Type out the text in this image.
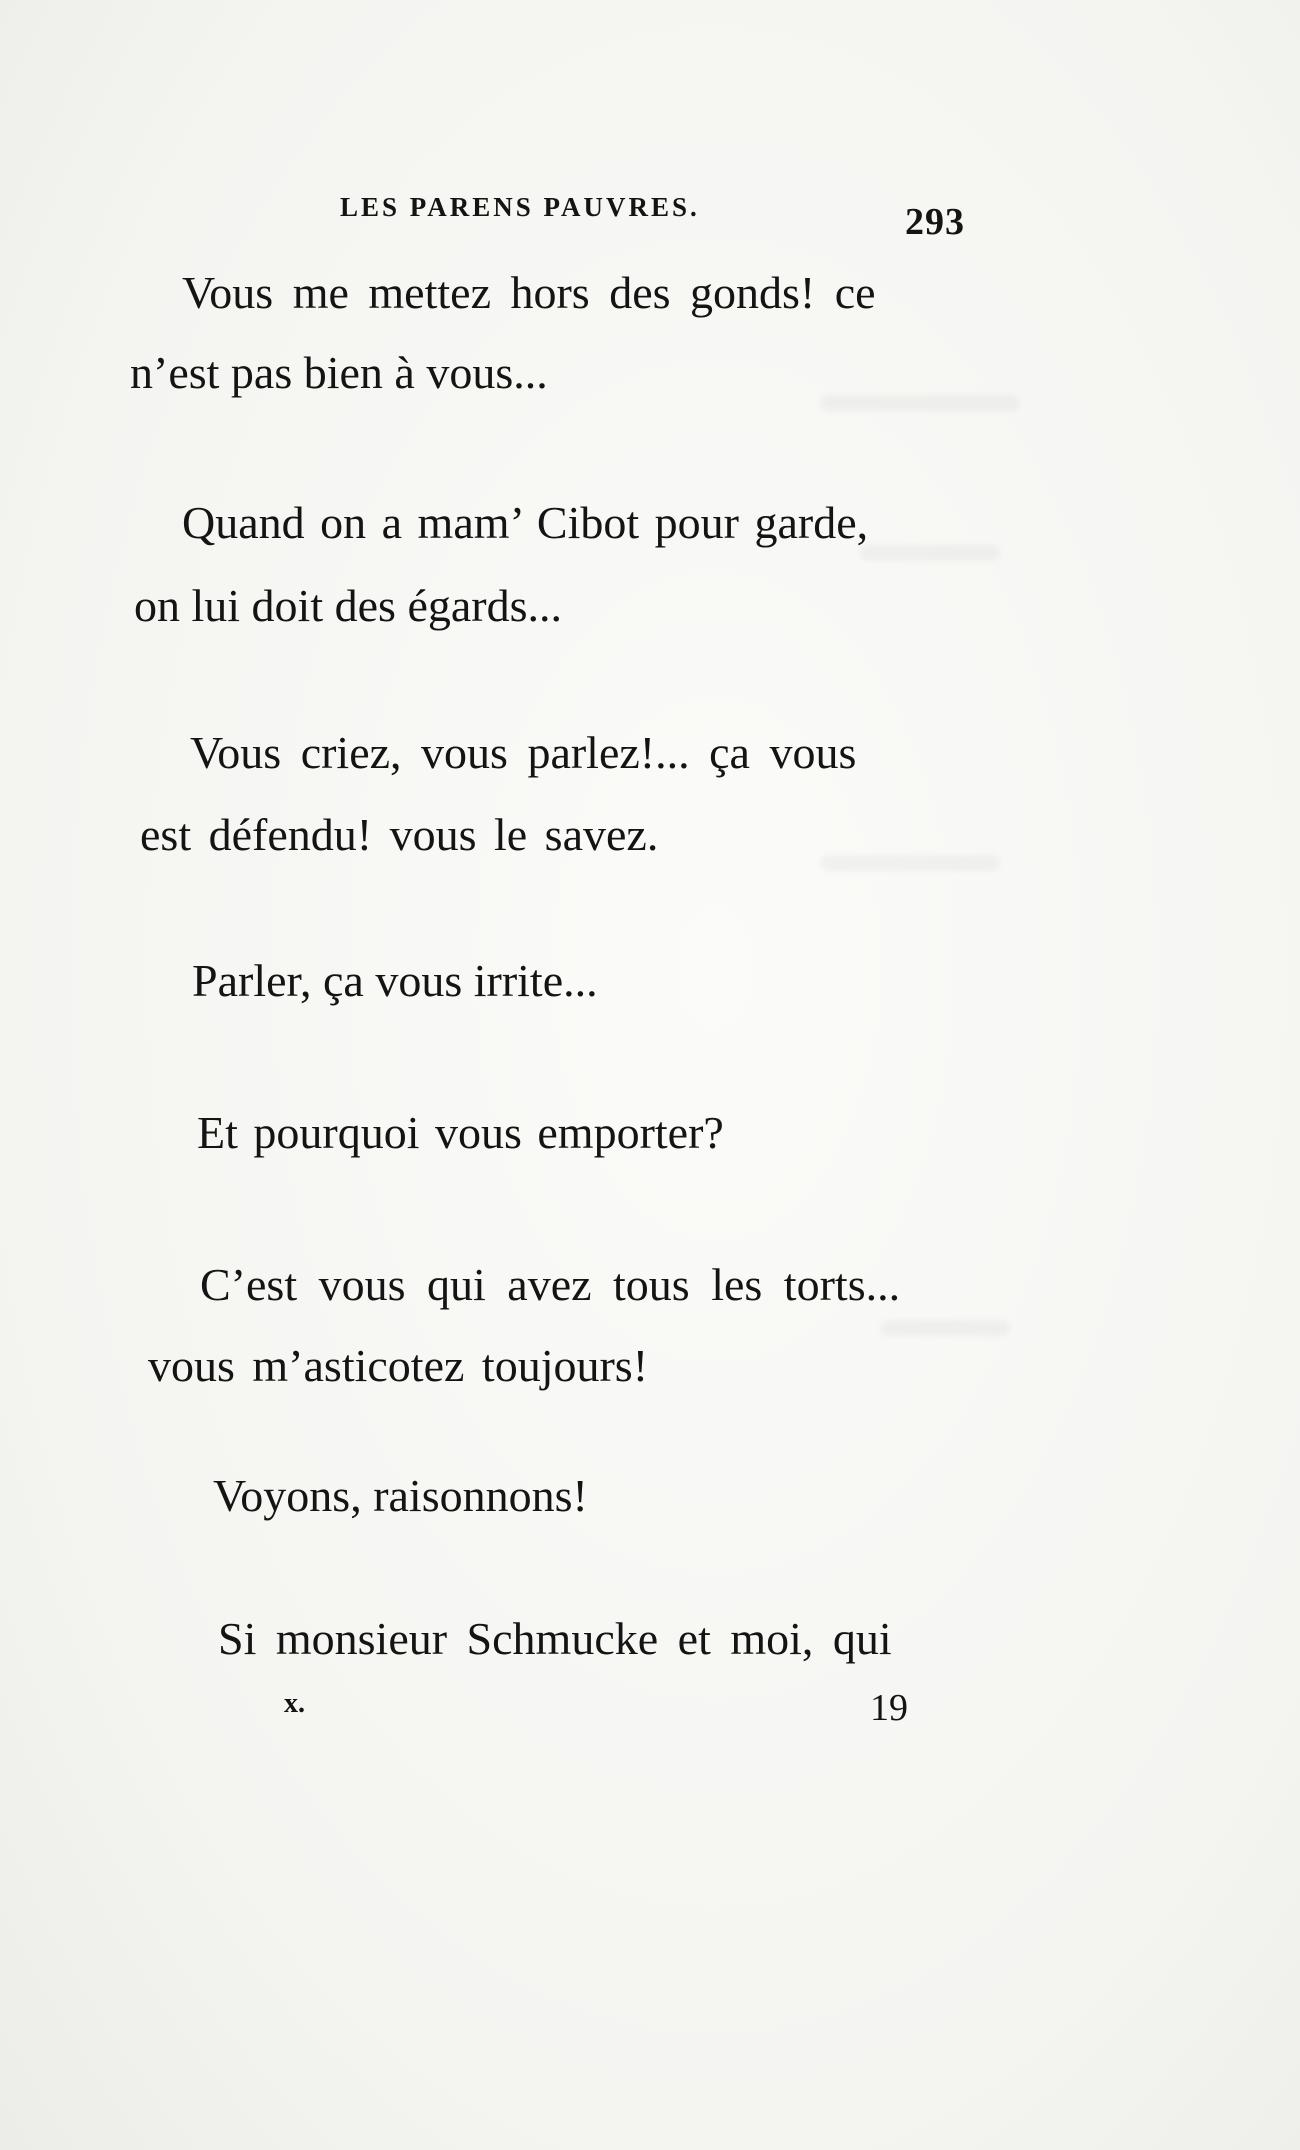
LES PARENS PAUVRES.	293
Vous me mettez hors des gonds! ce
n’est pas bien à vous...
Quand on a mam’ Cibot pour garde,
on lui doit des égards...
Vous criez, vous parlez!... ça vous
est défendu! vous le savez.
Parler, ça vous irrite...
Et pourquoi vous emporter?
C’est vous qui avez tous les torts...
vous m’asticotez toujours!
Voyons, raisonnons!
Si monsieur Schmucke et moi, qui
x.	19
